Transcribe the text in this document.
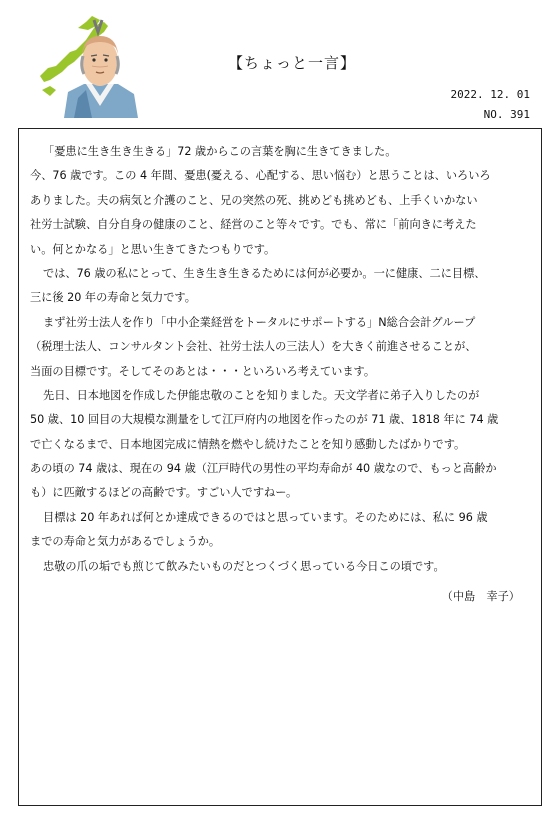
【ちょっと一言】
2022. 12. 01
NO. 391
「憂患に生き生き生きる」72 歳からこの言葉を胸に生きてきました。
今、76 歳です。この 4 年間、憂患(憂える、心配する、思い悩む）と思うことは、いろいろ
ありました。夫の病気と介護のこと、兄の突然の死、挑めども挑めども、上手くいかない
社労士試験、自分自身の健康のこと、経営のこと等々です。でも、常に「前向きに考えた
い。何とかなる」と思い生きてきたつもりです。
では、76 歳の私にとって、生き生き生きるためには何が必要か。一に健康、二に目標、
三に後 20 年の寿命と気力です。
まず社労士法人を作り「中小企業経営をトータルにサポートする」N総合会計グループ
（税理士法人、コンサルタント会社、社労士法人の三法人）を大きく前進させることが、
当面の目標です。そしてそのあとは・・・といろいろ考えています。
先日、日本地図を作成した伊能忠敬のことを知りました。天文学者に弟子入りしたのが
50 歳、10 回目の大規模な測量をして江戸府内の地図を作ったのが 71 歳、1818 年に 74 歳
で亡くなるまで、日本地図完成に情熱を燃やし続けたことを知り感動したばかりです。
あの頃の 74 歳は、現在の 94 歳（江戸時代の男性の平均寿命が 40 歳なので、もっと高齢か
も）に匹敵するほどの高齢です。すごい人ですねー。
目標は 20 年あれば何とか達成できるのではと思っています。そのためには、私に 96 歳
までの寿命と気力があるでしょうか。
忠敬の爪の垢でも煎じて飲みたいものだとつくづく思っている今日この頃です。
（中島　幸子）
